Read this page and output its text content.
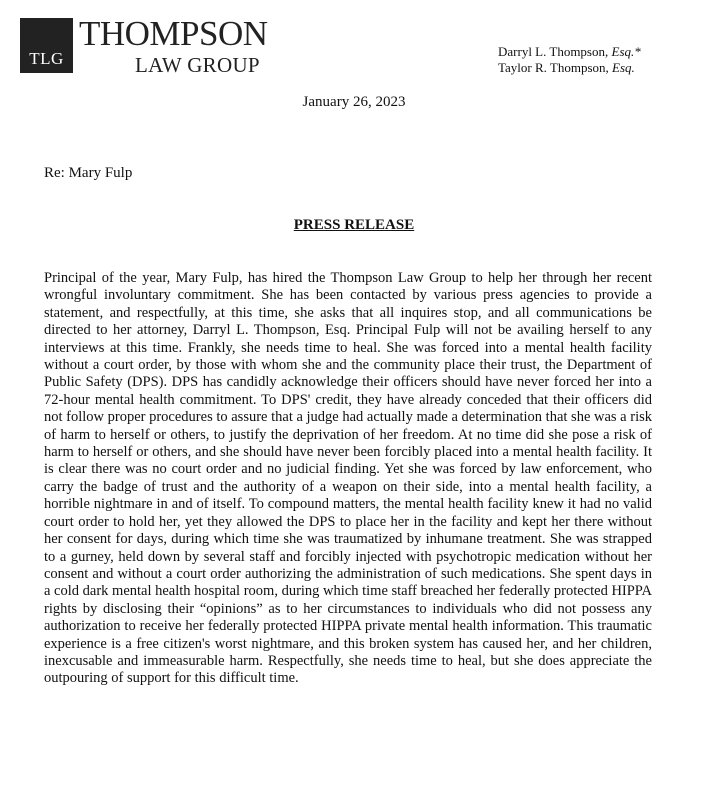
TLG
THOMPSON
LAW GROUP
Darryl L. Thompson, Esq.*
Taylor R. Thompson, Esq.
January 26, 2023
Re: Mary Fulp
PRESS RELEASE
Principal of the year, Mary Fulp, has hired the Thompson Law Group to help her through her recent wrongful involuntary commitment. She has been contacted by various press agencies to provide a statement, and respectfully, at this time, she asks that all inquires stop, and all communications be directed to her attorney, Darryl L. Thompson, Esq. Principal Fulp will not be availing herself to any interviews at this time. Frankly, she needs time to heal. She was forced into a mental health facility without a court order, by those with whom she and the community place their trust, the Department of Public Safety (DPS). DPS has candidly acknowledge their officers should have never forced her into a 72-hour mental health commitment. To DPS' credit, they have already conceded that their officers did not follow proper procedures to assure that a judge had actually made a determination that she was a risk of harm to herself or others, to justify the deprivation of her freedom. At no time did she pose a risk of harm to herself or others, and she should have never been forcibly placed into a mental health facility. It is clear there was no court order and no judicial finding. Yet she was forced by law enforcement, who carry the badge of trust and the authority of a weapon on their side, into a mental health facility, a horrible nightmare in and of itself. To compound matters, the mental health facility knew it had no valid court order to hold her, yet they allowed the DPS to place her in the facility and kept her there without her consent for days, during which time she was traumatized by inhumane treatment. She was strapped to a gurney, held down by several staff and forcibly injected with psychotropic medication without her consent and without a court order authorizing the administration of such medications. She spent days in a cold dark mental health hospital room, during which time staff breached her federally protected HIPPA rights by disclosing their “opinions” as to her circumstances to individuals who did not possess any authorization to receive her federally protected HIPPA private mental health information. This traumatic experience is a free citizen's worst nightmare, and this broken system has caused her, and her children, inexcusable and immeasurable harm. Respectfully, she needs time to heal, but she does appreciate the outpouring of support for this difficult time.
